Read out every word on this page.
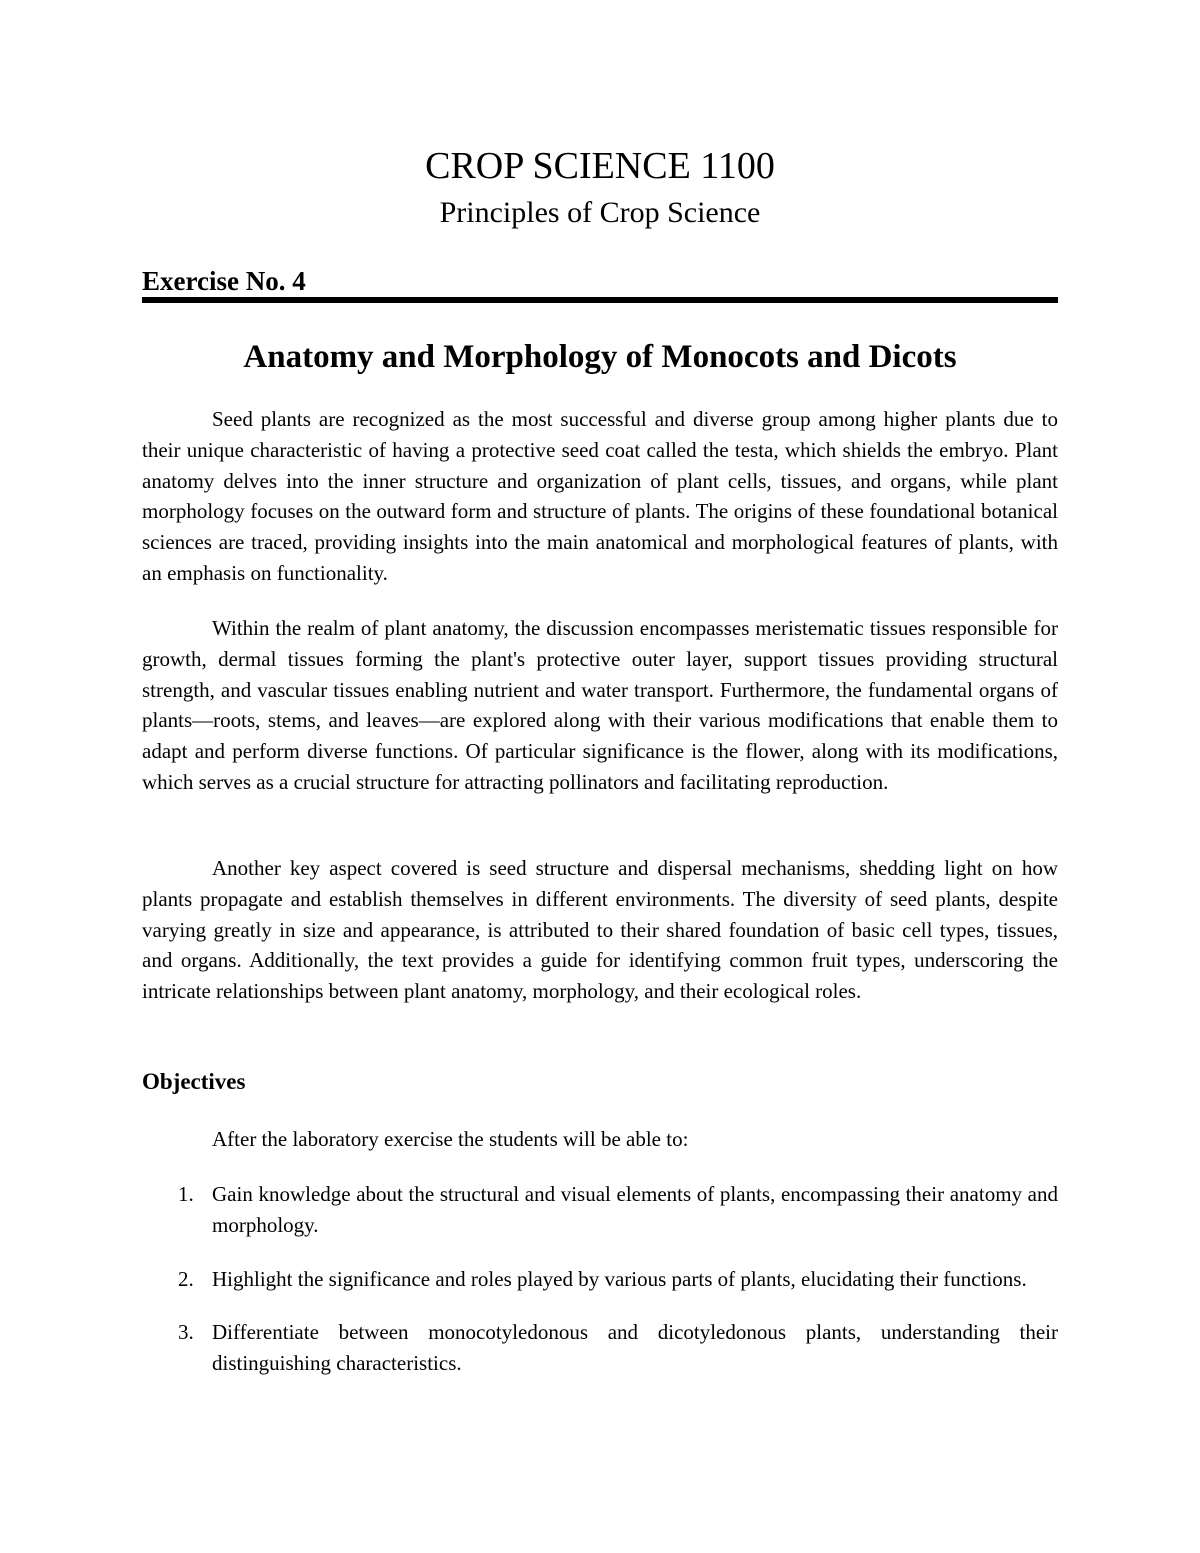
CROP SCIENCE 1100
Principles of Crop Science
Exercise No. 4
Anatomy and Morphology of Monocots and Dicots

Seed plants are recognized as the most successful and diverse group among higher plants due to their unique characteristic of having a protective seed coat called the testa, which shields the embryo. Plant anatomy delves into the inner structure and organization of plant cells, tissues, and organs, while plant morphology focuses on the outward form and structure of plants. The origins of these foundational botanical sciences are traced, providing insights into the main anatomical and morphological features of plants, with an emphasis on functionality.

Within the realm of plant anatomy, the discussion encompasses meristematic tissues responsible for growth, dermal tissues forming the plant's protective outer layer, support tissues providing structural strength, and vascular tissues enabling nutrient and water transport. Furthermore, the fundamental organs of plants—roots, stems, and leaves—are explored along with their various modifications that enable them to adapt and perform diverse functions. Of particular significance is the flower, along with its modifications, which serves as a crucial structure for attracting pollinators and facilitating reproduction.

Another key aspect covered is seed structure and dispersal mechanisms, shedding light on how plants propagate and establish themselves in different environments. The diversity of seed plants, despite varying greatly in size and appearance, is attributed to their shared foundation of basic cell types, tissues, and organs. Additionally, the text provides a guide for identifying common fruit types, underscoring the intricate relationships between plant anatomy, morphology, and their ecological roles.

Objectives

After the laboratory exercise the students will be able to:

1. Gain knowledge about the structural and visual elements of plants, encompassing their anatomy and morphology.
2. Highlight the significance and roles played by various parts of plants, elucidating their functions.
3. Differentiate between monocotyledonous and dicotyledonous plants, understanding their distinguishing characteristics.
